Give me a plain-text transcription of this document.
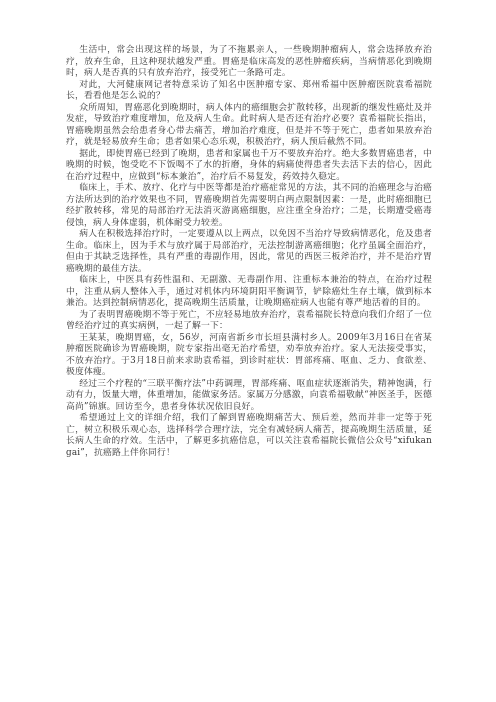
生活中，常会出现这样的场景，为了不拖累亲人，一些晚期肿瘤病人，常会选择放弃治疗，放弃生命，且这种现状越发严重。胃癌是临床高发的恶性肿瘤疾病，当病情恶化到晚期时，病人是否真的只有放弃治疗，接受死亡一条路可走。

对此，大河健康网记者特意采访了知名中医肿瘤专家、郑州希福中医肿瘤医院袁希福院长，看看他是怎么说的？

众所周知，胃癌恶化到晚期时，病人体内的癌细胞会扩散转移，出现新的继发性癌灶及并发症，导致治疗难度增加，危及病人生命。此时病人是否还有治疗必要？袁希福院长指出，胃癌晚期虽然会给患者身心带去痛苦，增加治疗难度，但是并不等于死亡，患者如果放弃治疗，就是轻易放弃生命；患者如果心态乐观，积极治疗，病人预后截然不同。

据此，即使胃癌已经到了晚期，患者和家属也千万不要放弃治疗。绝大多数胃癌患者，中晚期的时候，饱受吃不下饭喝不了水的折磨，身体的病痛使得患者失去活下去的信心，因此在治疗过程中，应做到“标本兼治”，治疗后不易复发，药效持久稳定。

临床上，手术、放疗、化疗与中医等都是治疗癌症常见的方法，其不同的治癌理念与治癌方法所达到的治疗效果也不同，胃癌晚期首先需要明白两点限制因素：一是，此时癌细胞已经扩散转移，常见的局部治疗无法消灭游离癌细胞，应注重全身治疗；二是，长期遭受癌毒侵蚀，病人身体虚弱，机体耐受力较差。

病人在积极选择治疗时，一定要遵从以上两点，以免因不当治疗导致病情恶化，危及患者生命。临床上，因为手术与放疗属于局部治疗，无法控制游离癌细胞；化疗虽属全面治疗，但由于其缺乏选择性，具有严重的毒副作用，因此，常见的西医三板斧治疗，并不是治疗胃癌晚期的最佳方法。

临床上，中医具有药性温和、无副激、无毒副作用、注重标本兼治的特点，在治疗过程中，注重从病人整体入手，通过对机体内环境阴阳平衡调节，铲除癌灶生存土壤，做到标本兼治。达到控制病情恶化，提高晚期生活质量，让晚期癌症病人也能有尊严地活着的目的。

为了表明胃癌晚期不等于死亡，不应轻易地放弃治疗，袁希福院长特意向我们介绍了一位曾经治疗过的真实病例，一起了解一下：

王某某，晚期胃癌，女，56岁，河南省新乡市长垣县满村乡人。2009年3月16日在省某肿瘤医院确诊为胃癌晚期，院专家指出毫无治疗希望，劝奉放弃治疗。家人无法接受事实，不放弃治疗。于3月18日前来求助袁希福，到诊时症状：胃部疼痛、呕血、乏力、食欲差、极度体瘦。

经过三个疗程的“三联平衡疗法”中药调理，胃部疼痛、呕血症状逐渐消失，精神饱满，行动有力，饭量大增，体重增加，能做家务活。家属万分感激，向袁希福敬献“神医圣手，医德高尚”锦旗。回访至今，患者身体状况依旧良好。

希望通过上文的详细介绍，我们了解到胃癌晚期痛苦大、预后差，然而并非一定等于死亡，树立积极乐观心态，选择科学合理疗法，完全有减轻病人痛苦，提高晚期生活质量，延长病人生命的疗效。生活中，了解更多抗癌信息，可以关注袁希福院长微信公众号“xifukangai”，抗癌路上伴你同行！
